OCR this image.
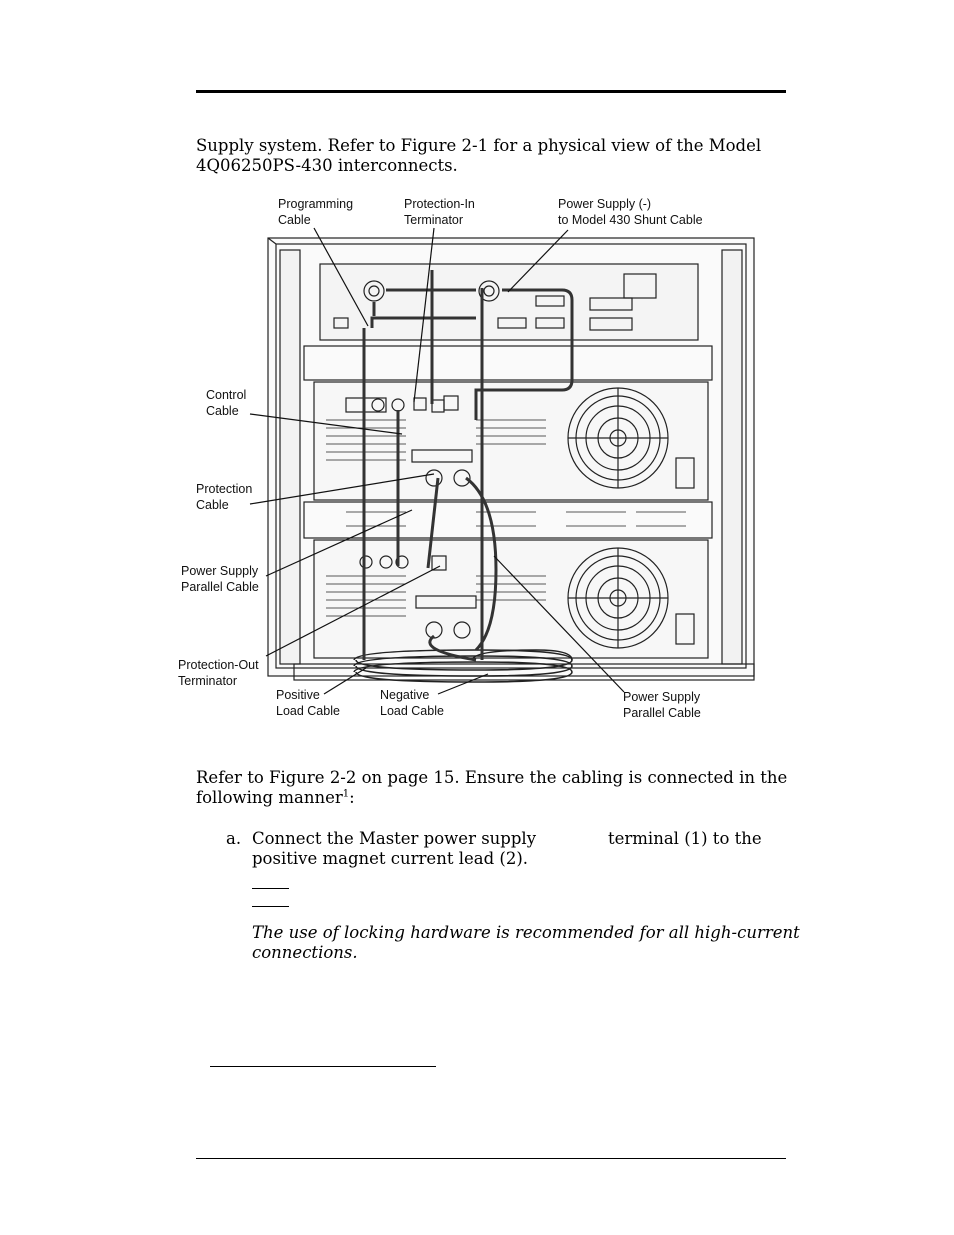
Supply system. Refer to Figure 2-1 for a physical view of the Model
4Q06250PS-430 interconnects.
Programming
Cable
Protection-In
Terminator
Power Supply (-)
to Model 430 Shunt Cable
Control
Cable
Protection
Cable
Power Supply
Parallel Cable
Protection-Out
Terminator
Positive
Load Cable
Negative
Load Cable
Power Supply
Parallel Cable
Refer to Figure 2-2 on page 15. Ensure the cabling is connected in the
following manner$^1$:
a. Connect the Master power supply	terminal (1) to the
positive magnet current lead (2).
The use of locking hardware is recommended for all high-current
connections.
